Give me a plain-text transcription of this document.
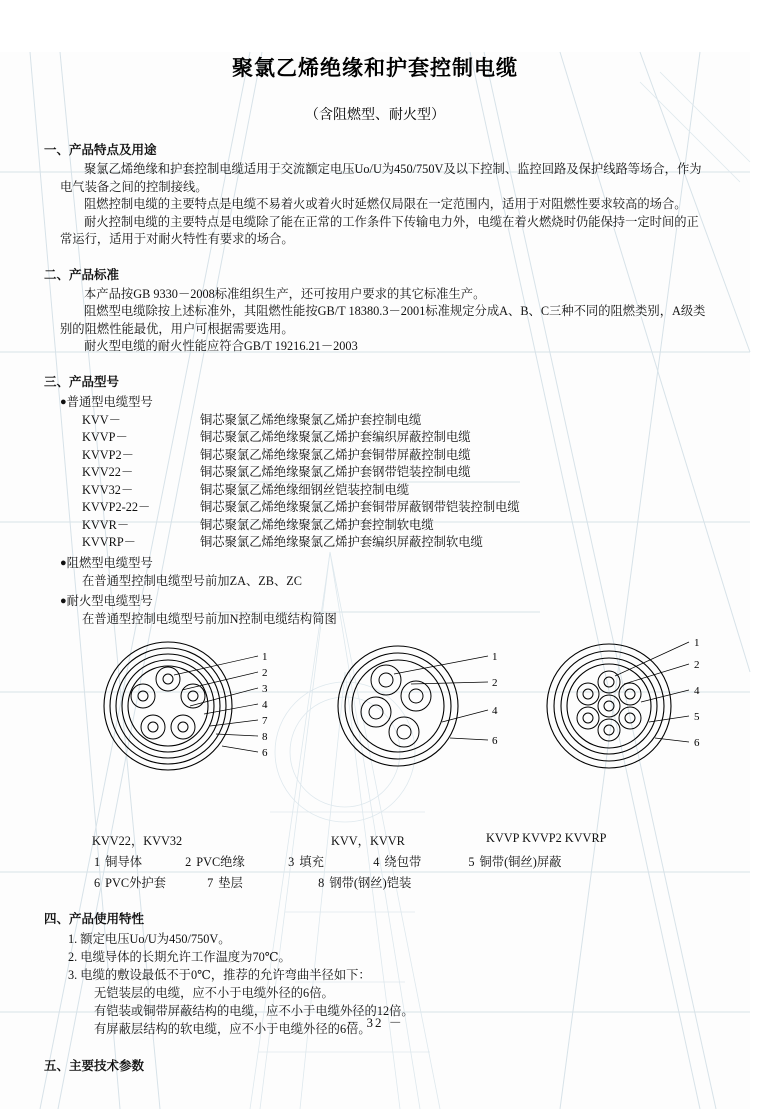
聚氯乙烯绝缘和护套控制电缆
（含阻燃型、耐火型）
一、产品特点及用途

聚氯乙烯绝缘和护套控制电缆适用于交流额定电压Uo/U为450/750V及以下控制、监控回路及保护线路等场合，作为电气装备之间的控制接线。

阻燃控制电缆的主要特点是电缆不易着火或着火时延燃仅局限在一定范围内，适用于对阻燃性要求较高的场合。

耐火控制电缆的主要特点是电缆除了能在正常的工作条件下传输电力外，电缆在着火燃烧时仍能保持一定时间的正常运行，适用于对耐火特性有要求的场合。

二、产品标准

本产品按GB 9330－2008标准组织生产，还可按用户要求的其它标准生产。

阻燃型电缆除按上述标准外，其阻燃性能按GB/T 18380.3－2001标准规定分成A、B、C三种不同的阻燃类别，A级类别的阻燃性能最优，用户可根据需要选用。

耐火型电缆的耐火性能应符合GB/T 19216.21－2003

三、产品型号
●普通型电缆型号
KVV－	铜芯聚氯乙烯绝缘聚氯乙烯护套控制电缆
KVVP－	铜芯聚氯乙烯绝缘聚氯乙烯护套编织屏蔽控制电缆
KVVP2－	铜芯聚氯乙烯绝缘聚氯乙烯护套铜带屏蔽控制电缆
KVV22－	铜芯聚氯乙烯绝缘聚氯乙烯护套钢带铠装控制电缆
KVV32－	铜芯聚氯乙烯绝缘细钢丝铠装控制电缆
KVVP2-22－	铜芯聚氯乙烯绝缘聚氯乙烯护套铜带屏蔽钢带铠装控制电缆
KVVR－	铜芯聚氯乙烯绝缘聚氯乙烯护套控制软电缆
KVVRP－	铜芯聚氯乙烯绝缘聚氯乙烯护套编织屏蔽控制软电缆
●阻燃型电缆型号
在普通型控制电缆型号前加ZA、ZB、ZC
●耐火型电缆型号
在普通型控制电缆型号前加N控制电缆结构简图
1
2
3
4
7
8
6
1
2
4
6
1
2
4
5
6
KVV22，KVV32	KVV，KVVR	KVVP KVVP2 KVVRP
1 铜导体	2 PVC绝缘	3 填充	4 绕包带	5 铜带(铜丝)屏蔽
6 PVC外护套	7 垫层	8 钢带(钢丝)铠装
四、产品使用特性
1. 额定电压Uo/U为450/750V。
2. 电缆导体的长期允许工作温度为70℃。
3. 电缆的敷设最低不于0℃，推荐的允许弯曲半径如下：
无铠装层的电缆，应不小于电缆外径的6倍。
有铠装或铜带屏蔽结构的电缆，应不小于电缆外径的12倍。
有屏蔽层结构的软电缆，应不小于电缆外径的6倍。
五、主要技术参数
－ 32 －
